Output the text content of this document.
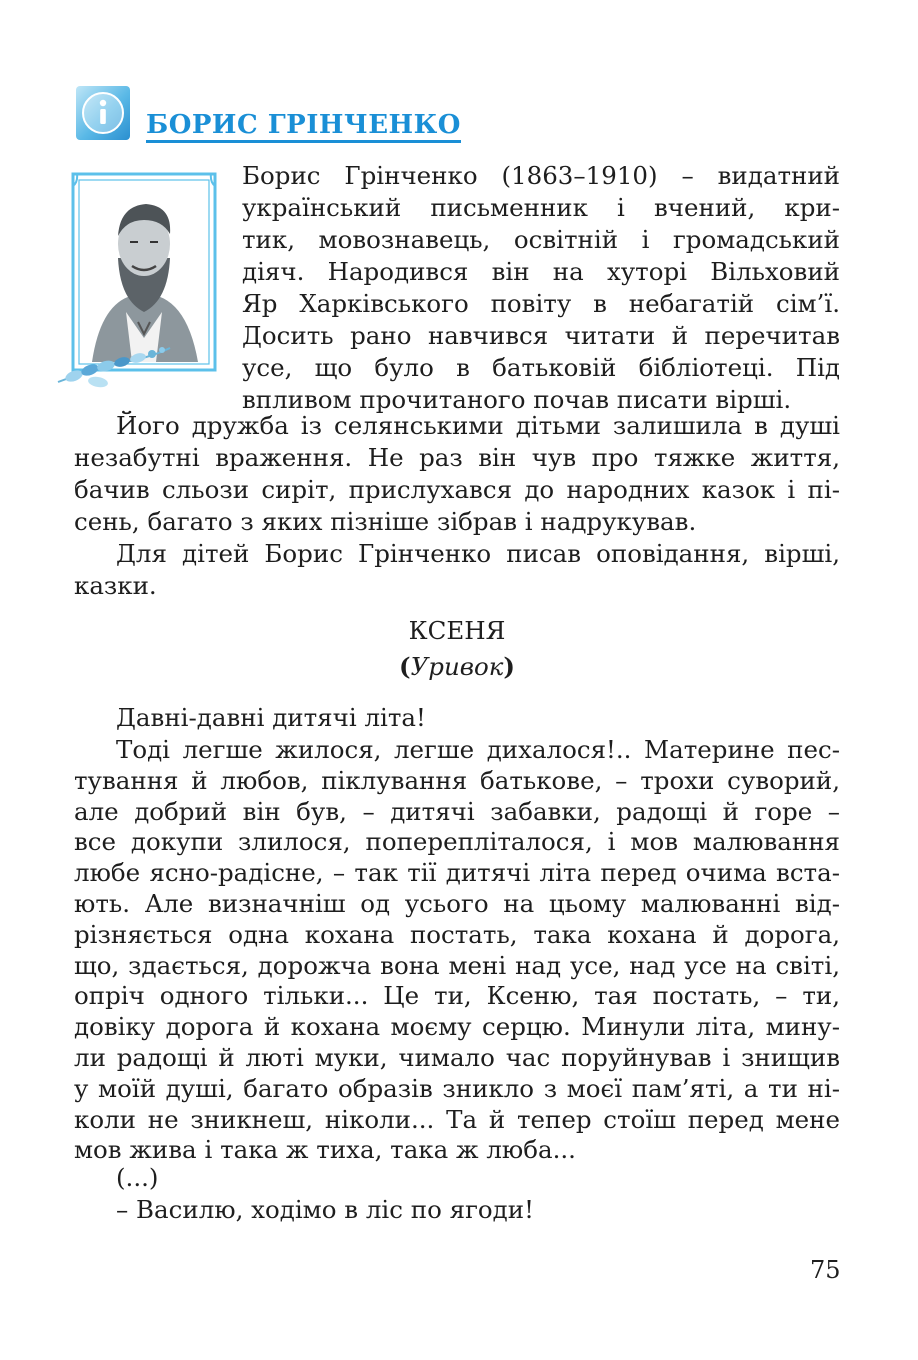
БОРИС ГРІНЧЕНКО
Борис Грінченко (1863–1910) – видатний
український письменник і вчений, кри-
тик, мовознавець, освітній і громадський
діяч. Народився він на хуторі Вільховий
Яр Харківського повіту в небагатій сім’ї.
Досить рано навчився читати й перечитав
усе, що було в батьковій бібліотеці. Під
впливом прочитаного почав писати вірші.
Його дружба із селянськими дітьми залишила в душі
незабутні враження. Не раз він чув про тяжке життя,
бачив сльози сиріт, прислухався до народних казок і пі-
сень, багато з яких пізніше зібрав і надрукував.
Для дітей Борис Грінченко писав оповідання, вірші,
казки.
КСЕНЯ
(Уривок)
Давні-давні дитячі літа!
Тоді легше жилося, легше дихалося!.. Материне пес-
тування й любов, піклування батькове, – трохи суворий,
але добрий він був, – дитячі забавки, радощі й горе –
все докупи злилося, попереплiталося, і мов малювання
любе ясно-радісне, – так тії дитячі літа перед очима вста-
ють. Але визначніш од усього на цьому малюванні від-
різняється одна кохана постать, така кохана й дорога,
що, здається, дорожча вона мені над усе, над усе на світі,
опріч одного тільки... Це ти, Ксеню, тая постать, – ти,
довіку дорога й кохана моєму серцю. Минули літа, мину-
ли радощі й люті муки, чимало час поруйнував і знищив
у моїй душі, багато образів зникло з моєї пам’яті, а ти ні-
коли не зникнеш, ніколи... Та й тепер стоїш перед мене
мов жива і така ж тиха, така ж люба...
(...)
– Василю, ходімо в ліс по ягоди!
75
